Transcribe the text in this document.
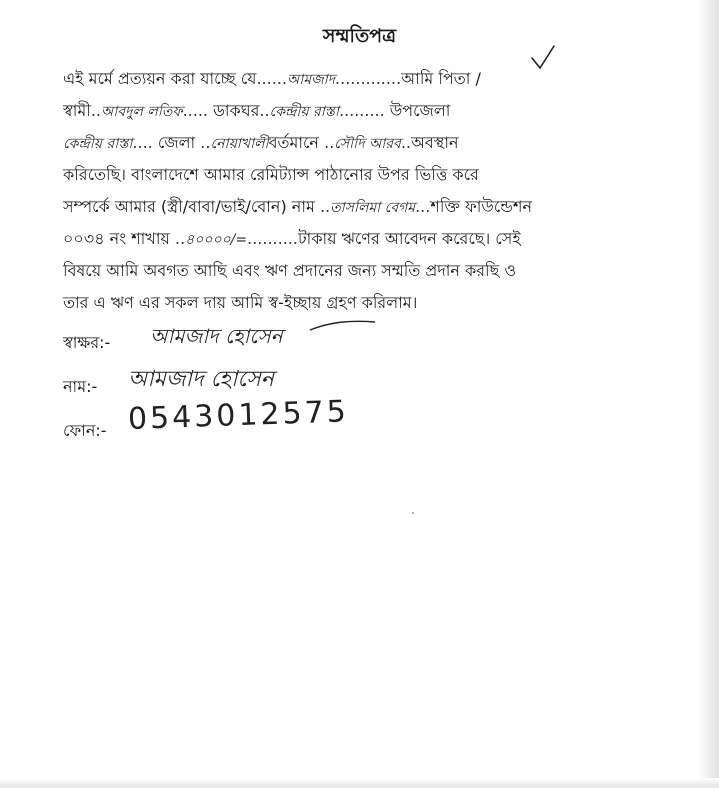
সম্মতিপত্র
এই মর্মে প্রত্যয়ন করা যাচ্ছে যে......আমজাদ.............আমি পিতা /
স্বামী..আবদুল লতিফ..... ডাকঘর..কেন্দ্রীয় রাস্তা......... উপজেলা
কেন্দ্রীয় রাস্তা.... জেলা ..নোয়াখালীবর্তমানে ..সৌদি আরব..অবস্থান
করিতেছি। বাংলাদেশে আমার রেমিট্যান্স পাঠানোর উপর ভিত্তি করে
সম্পর্কে আমার (স্ত্রী/বাবা/ভাই/বোন) নাম ..তাসলিমা বেগম...শক্তি ফাউন্ডেশন
০০৩৪ নং শাখায় ..৪০০০০/=..........টাকায় ঋণের আবেদন করেছে। সেই
বিষয়ে আমি অবগত আছি এবং ঋণ প্রদানের জন্য সম্মতি প্রদান করছি ও
তার এ ঋণ এর সকল দায় আমি স্ব-ইচ্ছায় গ্রহণ করিলাম।
স্বাক্ষর:- আমজাদ হোসেন
নাম:- আমজাদ হোসেন
ফোন:- 0543012575
